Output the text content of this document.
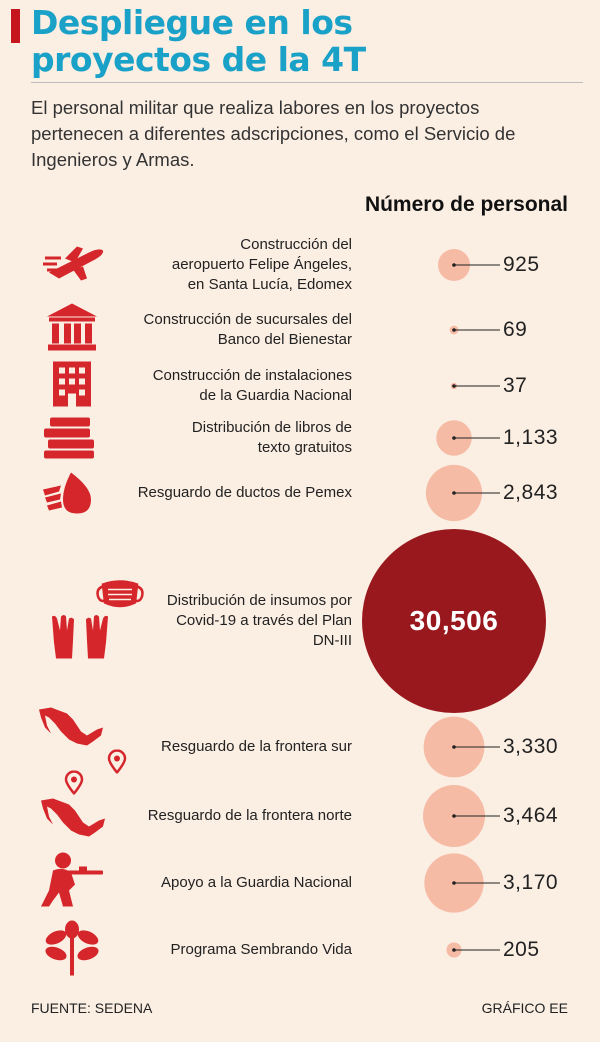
Despliegue en los
proyectos de la 4T
El personal militar que realiza labores en los proyectos pertenecen a diferentes adscripciones, como el Servicio de Ingenieros y Armas.
Número de personal
Construcción del
aeropuerto Felipe Ángeles,
en Santa Lucía, Edomex
Construcción de sucursales del
Banco del Bienestar
Construcción de instalaciones
de la Guardia Nacional
Distribución de libros de
texto gratuitos
Resguardo de ductos de Pemex
Distribución de insumos por
Covid-19 a través del Plan
DN-III
Resguardo de la frontera sur
Resguardo de la frontera norte
Apoyo a la Guardia Nacional
Programa Sembrando Vida
30,506
FUENTE: SEDENA	GRÁFICO EE
925
69
37
1,133
2,843
3,330
3,464
3,170
205
